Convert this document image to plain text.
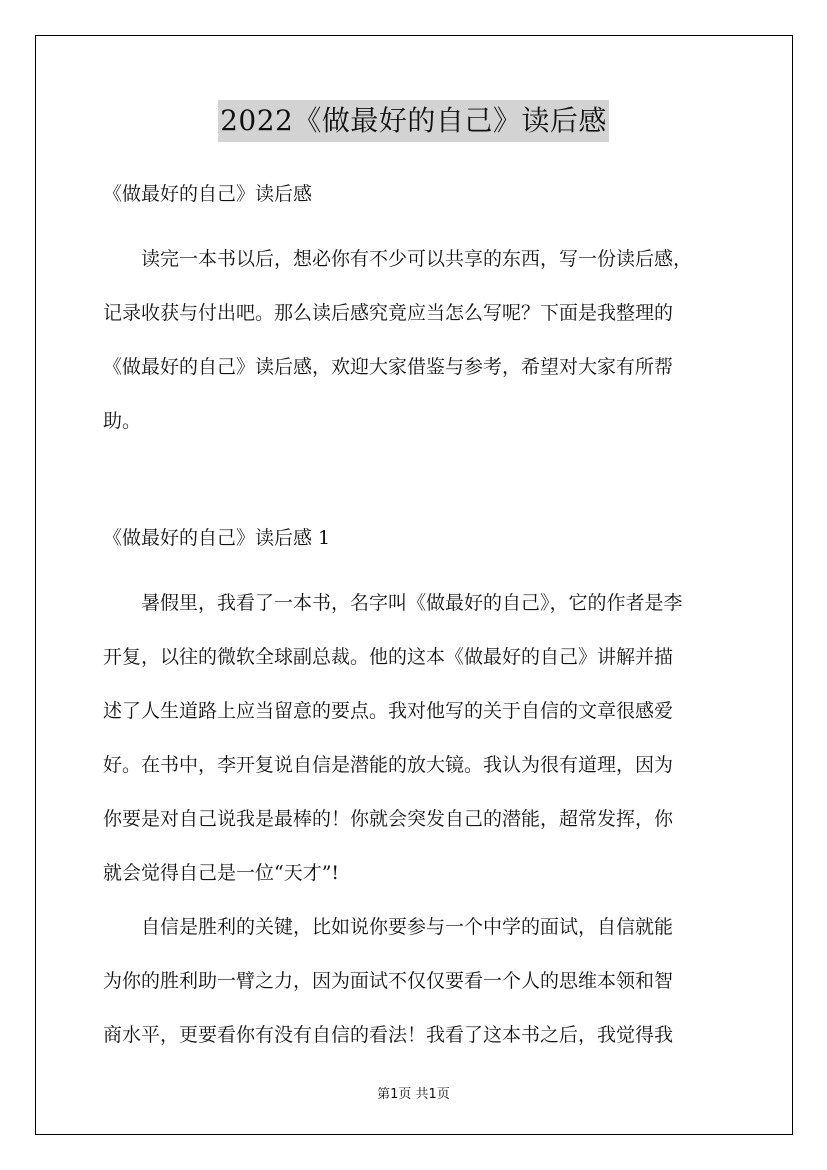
2022《做最好的自己》读后感

《做最好的自己》读后感

读完一本书以后，想必你有不少可以共享的东西，写一份读后感，
记录收获与付出吧。那么读后感究竟应当怎么写呢？下面是我整理的
《做最好的自己》读后感，欢迎大家借鉴与参考，希望对大家有所帮
助。

《做最好的自己》读后感 1

暑假里，我看了一本书，名字叫《做最好的自己》，它的作者是李
开复，以往的微软全球副总裁。他的这本《做最好的自己》讲解并描
述了人生道路上应当留意的要点。我对他写的关于自信的文章很感爱
好。在书中，李开复说自信是潜能的放大镜。我认为很有道理，因为
你要是对自己说我是最棒的！你就会突发自己的潜能，超常发挥，你
就会觉得自己是一位“天才”!

自信是胜利的关键，比如说你要参与一个中学的面试，自信就能
为你的胜利助一臂之力，因为面试不仅仅要看一个人的思维本领和智
商水平，更要看你有没有自信的看法！我看了这本书之后，我觉得我

第1页 共1页
